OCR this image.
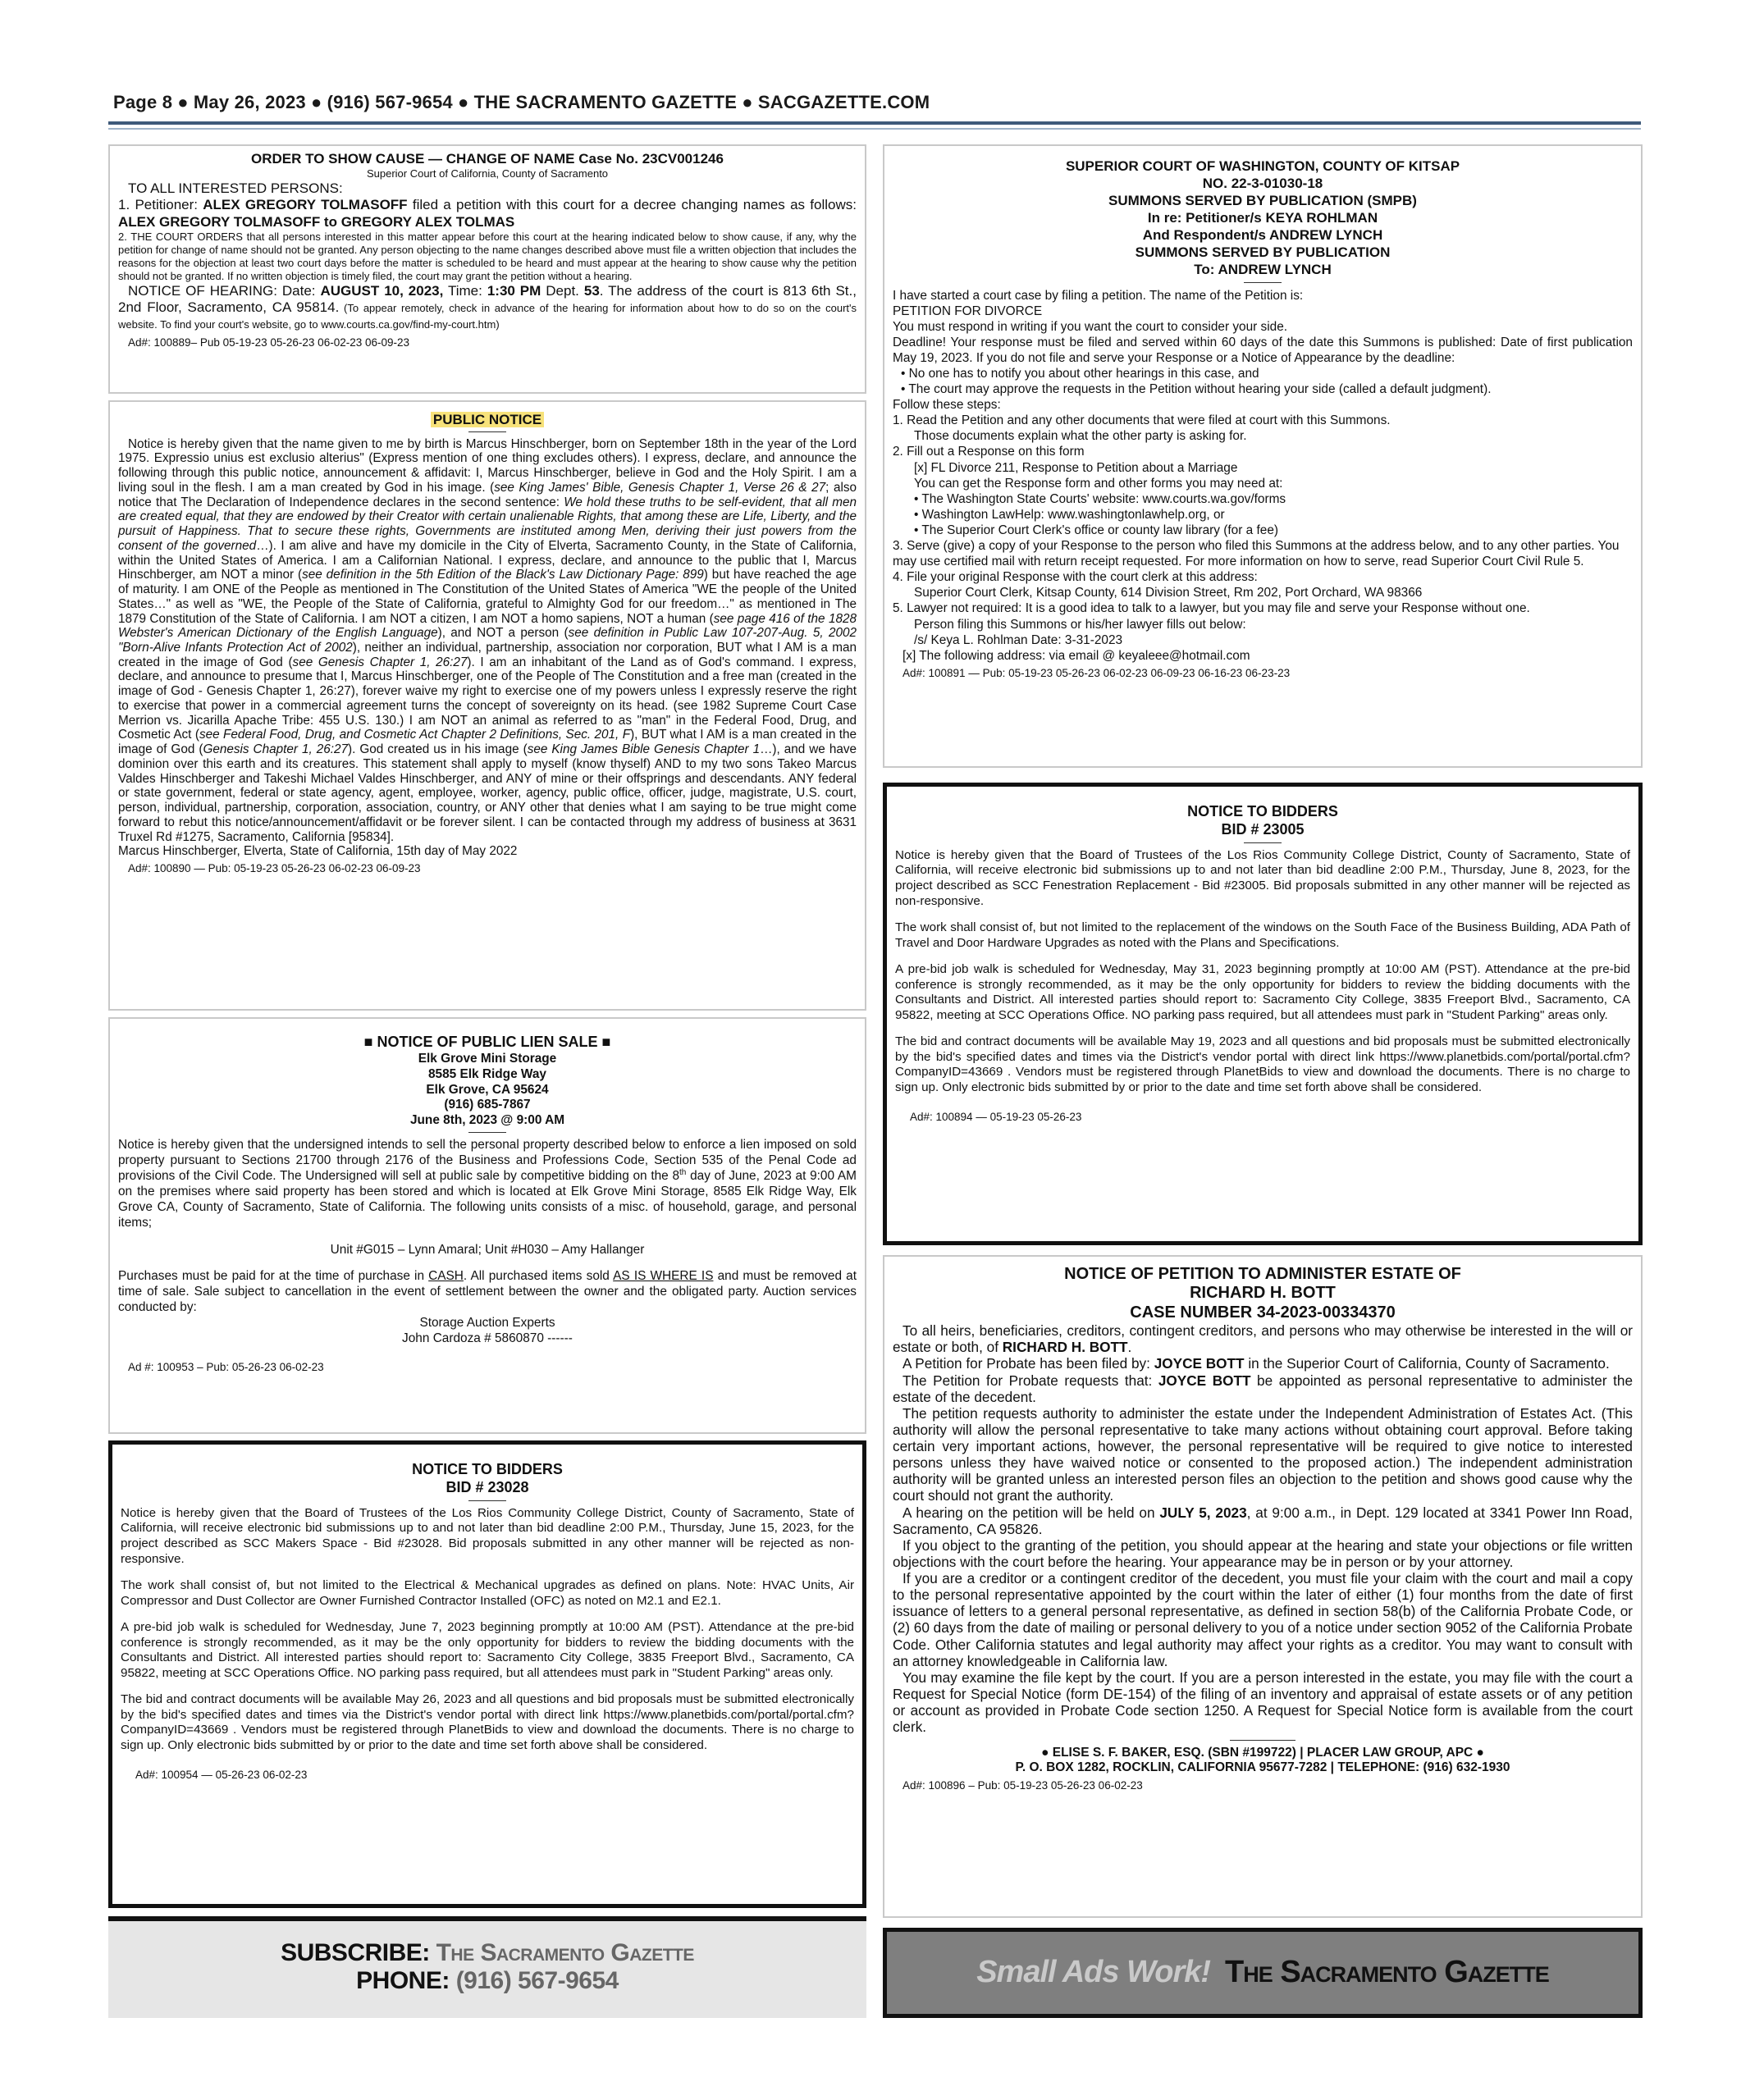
Page 8 ● May 26, 2023 ● (916) 567-9654 ● THE SACRAMENTO GAZETTE ● SACGAZETTE.COM
ORDER TO SHOW CAUSE — CHANGE OF NAME Case No. 23CV001246
Superior Court of California, County of Sacramento
TO ALL INTERESTED PERSONS:
1. Petitioner: ALEX GREGORY TOLMASOFF filed a petition with this court for a decree changing names as follows: ALEX GREGORY TOLMASOFF to GREGORY ALEX TOLMAS
2. THE COURT ORDERS that all persons interested in this matter appear before this court at the hearing indicated below to show cause, if any, why the petition for change of name should not be granted. Any person objecting to the name changes described above must file a written objection that includes the reasons for the objection at least two court days before the matter is scheduled to be heard and must appear at the hearing to show cause why the petition should not be granted. If no written objection is timely filed, the court may grant the petition without a hearing.
NOTICE OF HEARING: Date: AUGUST 10, 2023, Time: 1:30 PM Dept. 53. The address of the court is 813 6th St., 2nd Floor, Sacramento, CA 95814. (To appear remotely, check in advance of the hearing for information about how to do so on the court's website. To find your court's website, go to www.courts.ca.gov/find-my-court.htm)
Ad#: 100889– Pub 05-19-23 05-26-23 06-02-23 06-09-23
PUBLIC NOTICE
Notice is hereby given that the name given to me by birth is Marcus Hinschberger, born on September 18th in the year of the Lord 1975. Expressio unius est exclusio alterius" (Express mention of one thing excludes others). I express, declare, and announce the following through this public notice, announcement & affidavit: I, Marcus Hinschberger, believe in God and the Holy Spirit. I am a living soul in the flesh. I am a man created by God in his image. (see King James' Bible, Genesis Chapter 1, Verse 26 & 27; also notice that The Declaration of Independence declares in the second sentence: We hold these truths to be self-evident, that all men are created equal, that they are endowed by their Creator with certain unalienable Rights, that among these are Life, Liberty, and the pursuit of Happiness. That to secure these rights, Governments are instituted among Men, deriving their just powers from the consent of the governed…). I am alive and have my domicile in the City of Elverta, Sacramento County, in the State of California, within the United States of America. I am a Californian National. I express, declare, and announce to the public that I, Marcus Hinschberger, am NOT a minor (see definition in the 5th Edition of the Black's Law Dictionary Page: 899) but have reached the age of maturity. I am ONE of the People as mentioned in The Constitution of the United States of America "WE the people of the United States…" as well as "WE, the People of the State of California, grateful to Almighty God for our freedom…" as mentioned in The 1879 Constitution of the State of California. I am NOT a citizen, I am NOT a homo sapiens, NOT a human (see page 416 of the 1828 Webster's American Dictionary of the English Language), and NOT a person (see definition in Public Law 107-207-Aug. 5, 2002 "Born-Alive Infants Protection Act of 2002), neither an individual, partnership, association nor corporation, BUT what I AM is a man created in the image of God (see Genesis Chapter 1, 26:27). I am an inhabitant of the Land as of God's command. I express, declare, and announce to presume that I, Marcus Hinschberger, one of the People of The Constitution and a free man (created in the image of God - Genesis Chapter 1, 26:27), forever waive my right to exercise one of my powers unless I expressly reserve the right to exercise that power in a commercial agreement turns the concept of sovereignty on its head. (see 1982 Supreme Court Case Merrion vs. Jicarilla Apache Tribe: 455 U.S. 130.) I am NOT an animal as referred to as "man" in the Federal Food, Drug, and Cosmetic Act (see Federal Food, Drug, and Cosmetic Act Chapter 2 Definitions, Sec. 201, F), BUT what I AM is a man created in the image of God (Genesis Chapter 1, 26:27). God created us in his image (see King James Bible Genesis Chapter 1…), and we have dominion over this earth and its creatures. This statement shall apply to myself (know thyself) AND to my two sons Takeo Marcus Valdes Hinschberger and Takeshi Michael Valdes Hinschberger, and ANY of mine or their offsprings and descendants. ANY federal or state government, federal or state agency, agent, employee, worker, agency, public office, officer, judge, magistrate, U.S. court, person, individual, partnership, corporation, association, country, or ANY other that denies what I am saying to be true might come forward to rebut this notice/announcement/affidavit or be forever silent. I can be contacted through my address of business at 3631 Truxel Rd #1275, Sacramento, California [95834].
Marcus Hinschberger, Elverta, State of California, 15th day of May 2022
Ad#: 100890 — Pub: 05-19-23 05-26-23 06-02-23 06-09-23
■ NOTICE OF PUBLIC LIEN SALE ■
Elk Grove Mini Storage
8585 Elk Ridge Way
Elk Grove, CA 95624
(916) 685-7867
June 8th, 2023 @ 9:00 AM
Notice is hereby given that the undersigned intends to sell the personal property described below to enforce a lien imposed on sold property pursuant to Sections 21700 through 2176 of the Business and Professions Code, Section 535 of the Penal Code ad provisions of the Civil Code. The Undersigned will sell at public sale by competitive bidding on the 8th day of June, 2023 at 9:00 AM on the premises where said property has been stored and which is located at Elk Grove Mini Storage, 8585 Elk Ridge Way, Elk Grove CA, County of Sacramento, State of California. The following units consists of a misc. of household, garage, and personal items;
Unit #G015 – Lynn Amaral; Unit #H030 – Amy Hallanger
Purchases must be paid for at the time of purchase in CASH. All purchased items sold AS IS WHERE IS and must be removed at time of sale. Sale subject to cancellation in the event of settlement between the owner and the obligated party. Auction services conducted by:
Storage Auction Experts
John Cardoza # 5860870 ------
Ad #: 100953 – Pub: 05-26-23 06-02-23
NOTICE TO BIDDERS
BID # 23028
Notice is hereby given that the Board of Trustees of the Los Rios Community College District, County of Sacramento, State of California, will receive electronic bid submissions up to and not later than bid deadline 2:00 P.M., Thursday, June 15, 2023, for the project described as SCC Makers Space - Bid #23028. Bid proposals submitted in any other manner will be rejected as non-responsive.
The work shall consist of, but not limited to the Electrical & Mechanical upgrades as defined on plans. Note: HVAC Units, Air Compressor and Dust Collector are Owner Furnished Contractor Installed (OFC) as noted on M2.1 and E2.1.
A pre-bid job walk is scheduled for Wednesday, June 7, 2023 beginning promptly at 10:00 AM (PST). Attendance at the pre-bid conference is strongly recommended, as it may be the only opportunity for bidders to review the bidding documents with the Consultants and District. All interested parties should report to: Sacramento City College, 3835 Freeport Blvd., Sacramento, CA 95822, meeting at SCC Operations Office. NO parking pass required, but all attendees must park in "Student Parking" areas only.
The bid and contract documents will be available May 26, 2023 and all questions and bid proposals must be submitted electronically by the bid's specified dates and times via the District's vendor portal with direct link https://www.planetbids.com/portal/portal.cfm?CompanyID=43669 . Vendors must be registered through PlanetBids to view and download the documents. There is no charge to sign up. Only electronic bids submitted by or prior to the date and time set forth above shall be considered.
Ad#: 100954 — 05-26-23 06-02-23
SUBSCRIBE: The Sacramento Gazette
PHONE: (916) 567-9654
SUPERIOR COURT OF WASHINGTON, COUNTY OF KITSAP
NO. 22-3-01030-18
SUMMONS SERVED BY PUBLICATION (SMPB)
In re: Petitioner/s KEYA ROHLMAN
And Respondent/s ANDREW LYNCH
SUMMONS SERVED BY PUBLICATION
To: ANDREW LYNCH
I have started a court case by filing a petition. The name of the Petition is:
PETITION FOR DIVORCE
You must respond in writing if you want the court to consider your side.
Deadline! Your response must be filed and served within 60 days of the date this Summons is published: Date of first publication May 19, 2023. If you do not file and serve your Response or a Notice of Appearance by the deadline:
• No one has to notify you about other hearings in this case, and
• The court may approve the requests in the Petition without hearing your side (called a default judgment).
Follow these steps:
1. Read the Petition and any other documents that were filed at court with this Summons.
Those documents explain what the other party is asking for.
2. Fill out a Response on this form
[x] FL Divorce 211, Response to Petition about a Marriage
You can get the Response form and other forms you may need at:
• The Washington State Courts' website: www.courts.wa.gov/forms
• Washington LawHelp: www.washingtonlawhelp.org, or
• The Superior Court Clerk's office or county law library (for a fee)
3. Serve (give) a copy of your Response to the person who filed this Summons at the address below, and to any other parties. You may use certified mail with return receipt requested. For more information on how to serve, read Superior Court Civil Rule 5.
4. File your original Response with the court clerk at this address:
Superior Court Clerk, Kitsap County, 614 Division Street, Rm 202, Port Orchard, WA 98366
5. Lawyer not required: It is a good idea to talk to a lawyer, but you may file and serve your Response without one.
Person filing this Summons or his/her lawyer fills out below:
/s/ Keya L. Rohlman Date: 3-31-2023
[x] The following address: via email @ keyaleee@hotmail.com
Ad#: 100891 — Pub: 05-19-23 05-26-23 06-02-23 06-09-23 06-16-23 06-23-23
NOTICE TO BIDDERS
BID # 23005
Notice is hereby given that the Board of Trustees of the Los Rios Community College District, County of Sacramento, State of California, will receive electronic bid submissions up to and not later than bid deadline 2:00 P.M., Thursday, June 8, 2023, for the project described as SCC Fenestration Replacement - Bid #23005. Bid proposals submitted in any other manner will be rejected as non-responsive.
The work shall consist of, but not limited to the replacement of the windows on the South Face of the Business Building, ADA Path of Travel and Door Hardware Upgrades as noted with the Plans and Specifications.
A pre-bid job walk is scheduled for Wednesday, May 31, 2023 beginning promptly at 10:00 AM (PST). Attendance at the pre-bid conference is strongly recommended, as it may be the only opportunity for bidders to review the bidding documents with the Consultants and District. All interested parties should report to: Sacramento City College, 3835 Freeport Blvd., Sacramento, CA 95822, meeting at SCC Operations Office. NO parking pass required, but all attendees must park in "Student Parking" areas only.
The bid and contract documents will be available May 19, 2023 and all questions and bid proposals must be submitted electronically by the bid's specified dates and times via the District's vendor portal with direct link https://www.planetbids.com/portal/portal.cfm?CompanyID=43669 . Vendors must be registered through PlanetBids to view and download the documents. There is no charge to sign up. Only electronic bids submitted by or prior to the date and time set forth above shall be considered.
Ad#: 100894 — 05-19-23 05-26-23
NOTICE OF PETITION TO ADMINISTER ESTATE OF
RICHARD H. BOTT
CASE NUMBER 34-2023-00334370
To all heirs, beneficiaries, creditors, contingent creditors, and persons who may otherwise be interested in the will or estate or both, of RICHARD H. BOTT.
A Petition for Probate has been filed by: JOYCE BOTT in the Superior Court of California, County of Sacramento.
The Petition for Probate requests that: JOYCE BOTT be appointed as personal representative to administer the estate of the decedent.
The petition requests authority to administer the estate under the Independent Administration of Estates Act. (This authority will allow the personal representative to take many actions without obtaining court approval. Before taking certain very important actions, however, the personal representative will be required to give notice to interested persons unless they have waived notice or consented to the proposed action.) The independent administration authority will be granted unless an interested person files an objection to the petition and shows good cause why the court should not grant the authority.
A hearing on the petition will be held on JULY 5, 2023, at 9:00 a.m., in Dept. 129 located at 3341 Power Inn Road, Sacramento, CA 95826.
If you object to the granting of the petition, you should appear at the hearing and state your objections or file written objections with the court before the hearing. Your appearance may be in person or by your attorney.
If you are a creditor or a contingent creditor of the decedent, you must file your claim with the court and mail a copy to the personal representative appointed by the court within the later of either (1) four months from the date of first issuance of letters to a general personal representative, as defined in section 58(b) of the California Probate Code, or (2) 60 days from the date of mailing or personal delivery to you of a notice under section 9052 of the California Probate Code. Other California statutes and legal authority may affect your rights as a creditor. You may want to consult with an attorney knowledgeable in California law.
You may examine the file kept by the court. If you are a person interested in the estate, you may file with the court a Request for Special Notice (form DE-154) of the filing of an inventory and appraisal of estate assets or of any petition or account as provided in Probate Code section 1250. A Request for Special Notice form is available from the court clerk.
● ELISE S. F. BAKER, ESQ. (SBN #199722) | PLACER LAW GROUP, APC ●
P. O. BOX 1282, ROCKLIN, CALIFORNIA 95677-7282 | TELEPHONE: (916) 632-1930
Ad#: 100896 – Pub: 05-19-23 05-26-23 06-02-23
Small Ads Work! The Sacramento Gazette
